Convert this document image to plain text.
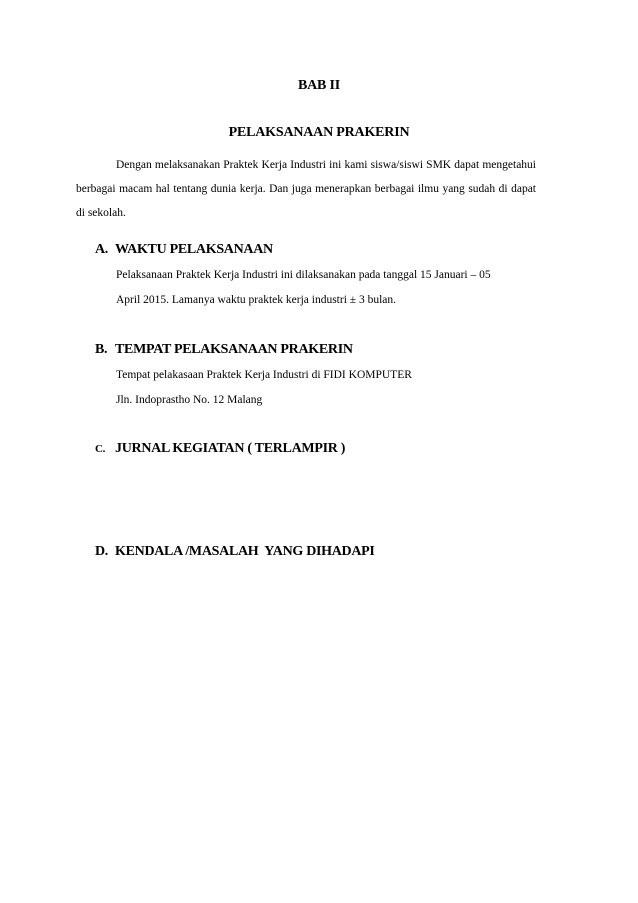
BAB II
PELAKSANAAN PRAKERIN
Dengan melaksanakan Praktek Kerja Industri ini kami siswa/siswi SMK dapat mengetahui berbagai macam hal tentang dunia kerja. Dan juga menerapkan berbagai ilmu yang sudah di dapat di sekolah.
A. WAKTU PELAKSANAAN
Pelaksanaan Praktek Kerja Industri ini dilaksanakan pada tanggal 15 Januari – 05
April 2015. Lamanya waktu praktek kerja industri ± 3 bulan.
B. TEMPAT PELAKSANAAN PRAKERIN
Tempat pelakasaan Praktek Kerja Industri di FIDI KOMPUTER
Jln. Indoprastho No. 12 Malang
C. JURNAL KEGIATAN ( TERLAMPIR )
D. KENDALA /MASALAH  YANG DIHADAPI
